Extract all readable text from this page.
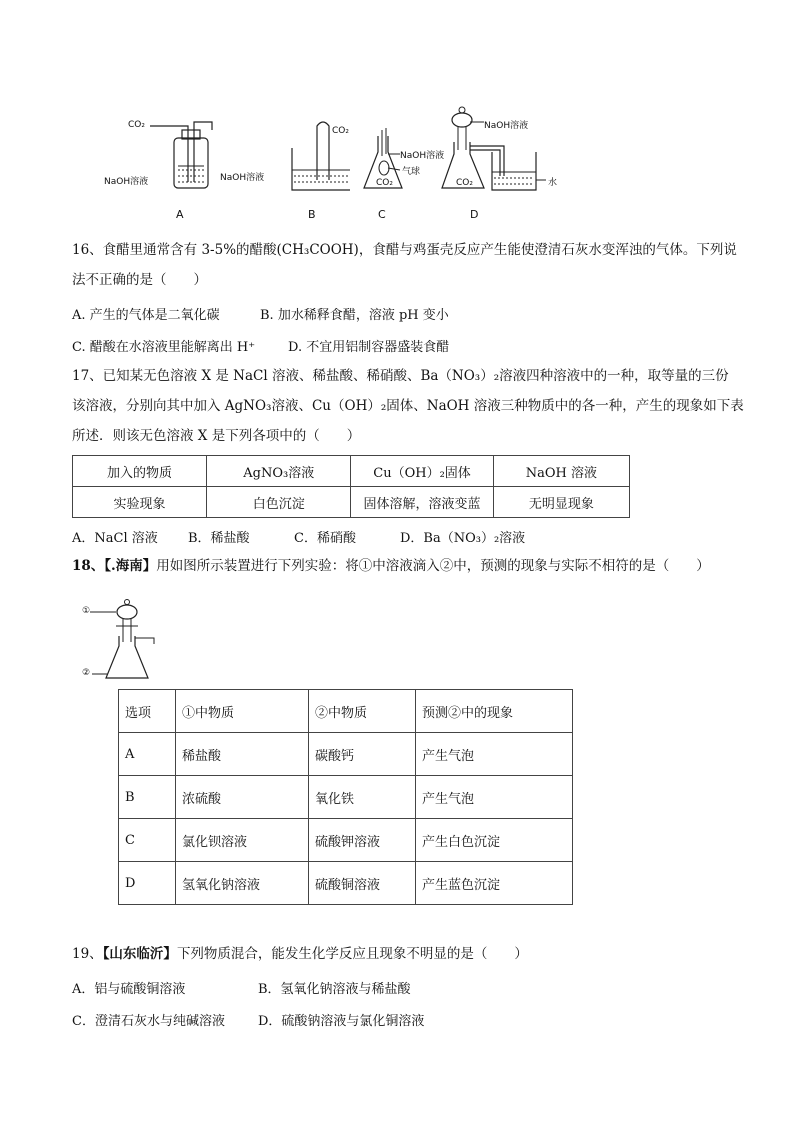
CO₂
NaOH溶液
A
CO₂
NaOH溶液
B
NaOH溶液
气球
CO₂
C
NaOH溶液
CO₂	水
D
16、食醋里通常含有 3-5%的醋酸(CH₃COOH)，食醋与鸡蛋壳反应产生能使澄清石灰水变浑浊的气体。下列说
法不正确的是（　　）
A. 产生的气体是二氧化碳	B. 加水稀释食醋，溶液 pH 变小
C. 醋酸在水溶液里能解离出 H⁺	D. 不宜用铝制容器盛装食醋
17、已知某无色溶液 X 是 NaCl 溶液、稀盐酸、稀硝酸、Ba（NO₃）₂溶液四种溶液中的一种，取等量的三份
该溶液，分别向其中加入 AgNO₃溶液、Cu（OH）₂固体、NaOH 溶液三种物质中的各一种，产生的现象如下表
所述．则该无色溶液 X 是下列各项中的（　　）
加入的物质	AgNO₃溶液	Cu（OH）₂固体	NaOH 溶液
实验现象	白色沉淀	固体溶解，溶液变蓝	无明显现象
A．NaCl 溶液 B．稀盐酸	C．稀硝酸	D．Ba（NO₃）₂溶液
18、【.海南】用如图所示装置进行下列实验：将①中溶液滴入②中，预测的现象与实际不相符的是（　　）
①
②
选项	①中物质	②中物质	预测②中的现象
A	稀盐酸	碳酸钙	产生气泡
B	浓硫酸	氧化铁	产生气泡
C	氯化钡溶液	硫酸钾溶液	产生白色沉淀
D	氢氧化钠溶液	硫酸铜溶液	产生蓝色沉淀
19、【山东临沂】下列物质混合，能发生化学反应且现象不明显的是（　　）
A．铝与硫酸铜溶液	B．氢氧化钠溶液与稀盐酸
C．澄清石灰水与纯碱溶液	D．硫酸钠溶液与氯化铜溶液
